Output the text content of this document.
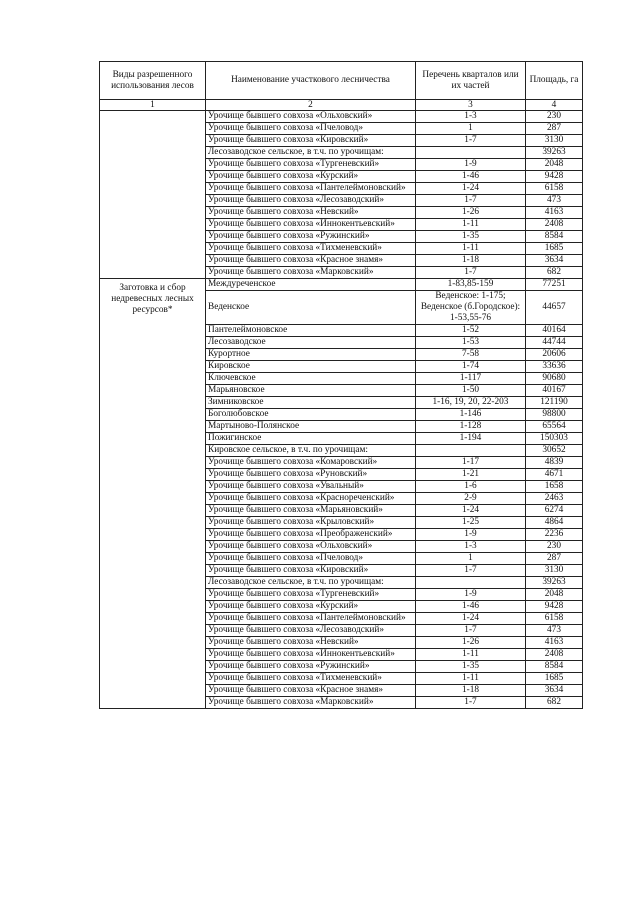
Виды разрешенного использования лесов	Наименование участкового лесничества	Перечень кварталов или их частей	Площадь, га
1	2	3	4
	Урочище бывшего совхоза «Ольховский»	1-3	230
	Урочище бывшего совхоза «Пчеловод»	1	287
	Урочище бывшего совхоза «Кировский»	1-7	3130
	Лесозаводское сельское, в т.ч. по урочищам:		39263
	Урочище бывшего совхоза «Тургеневский»	1-9	2048
	Урочище бывшего совхоза «Курский»	1-46	9428
	Урочище бывшего совхоза «Пантелеймоновский»	1-24	6158
	Урочище бывшего совхоза «Лесозаводский»	1-7	473
	Урочище бывшего совхоза «Невский»	1-26	4163
	Урочище бывшего совхоза «Иннокентьевский»	1-11	2408
	Урочище бывшего совхоза «Ружинский»	1-35	8584
	Урочище бывшего совхоза «Тихменевский»	1-11	1685
	Урочище бывшего совхоза «Красное знамя»	1-18	3634
	Урочище бывшего совхоза «Марковский»	1-7	682
Заготовка и сбор недревесных лесных ресурсов*	Междуреченское	1-83,85-159	77251
	Веденское	Веденское: 1-175; Веденское (б.Городское): 1-53,55-76	44657
	Пантелеймоновское	1-52	40164
	Лесозаводское	1-53	44744
	Курортное	7-58	20606
	Кировское	1-74	33636
	Ключевское	1-117	90680
	Марьяновское	1-50	40167
	Зимниковское	1-16, 19, 20, 22-203	121190
	Боголюбовское	1-146	98800
	Мартыново-Полянское	1-128	65564
	Пожигинское	1-194	150303
	Кировское сельское, в т.ч. по урочищам:		30652
	Урочище бывшего совхоза «Комаровский»	1-17	4839
	Урочище бывшего совхоза «Руновский»	1-21	4671
	Урочище бывшего совхоза «Увальный»	1-6	1658
	Урочище бывшего совхоза «Краснореченский»	2-9	2463
	Урочище бывшего совхоза «Марьяновский»	1-24	6274
	Урочище бывшего совхоза «Крыловский»	1-25	4864
	Урочище бывшего совхоза «Преображенский»	1-9	2236
	Урочище бывшего совхоза «Ольховский»	1-3	230
	Урочище бывшего совхоза «Пчеловод»	1	287
	Урочище бывшего совхоза «Кировский»	1-7	3130
	Лесозаводское сельское, в т.ч. по урочищам:		39263
	Урочище бывшего совхоза «Тургеневский»	1-9	2048
	Урочище бывшего совхоза «Курский»	1-46	9428
	Урочище бывшего совхоза «Пантелеймоновский»	1-24	6158
	Урочище бывшего совхоза «Лесозаводский»	1-7	473
	Урочище бывшего совхоза «Невский»	1-26	4163
	Урочище бывшего совхоза «Иннокентьевский»	1-11	2408
	Урочище бывшего совхоза «Ружинский»	1-35	8584
	Урочище бывшего совхоза «Тихменевский»	1-11	1685
	Урочище бывшего совхоза «Красное знамя»	1-18	3634
	Урочище бывшего совхоза «Марковский»	1-7	682
